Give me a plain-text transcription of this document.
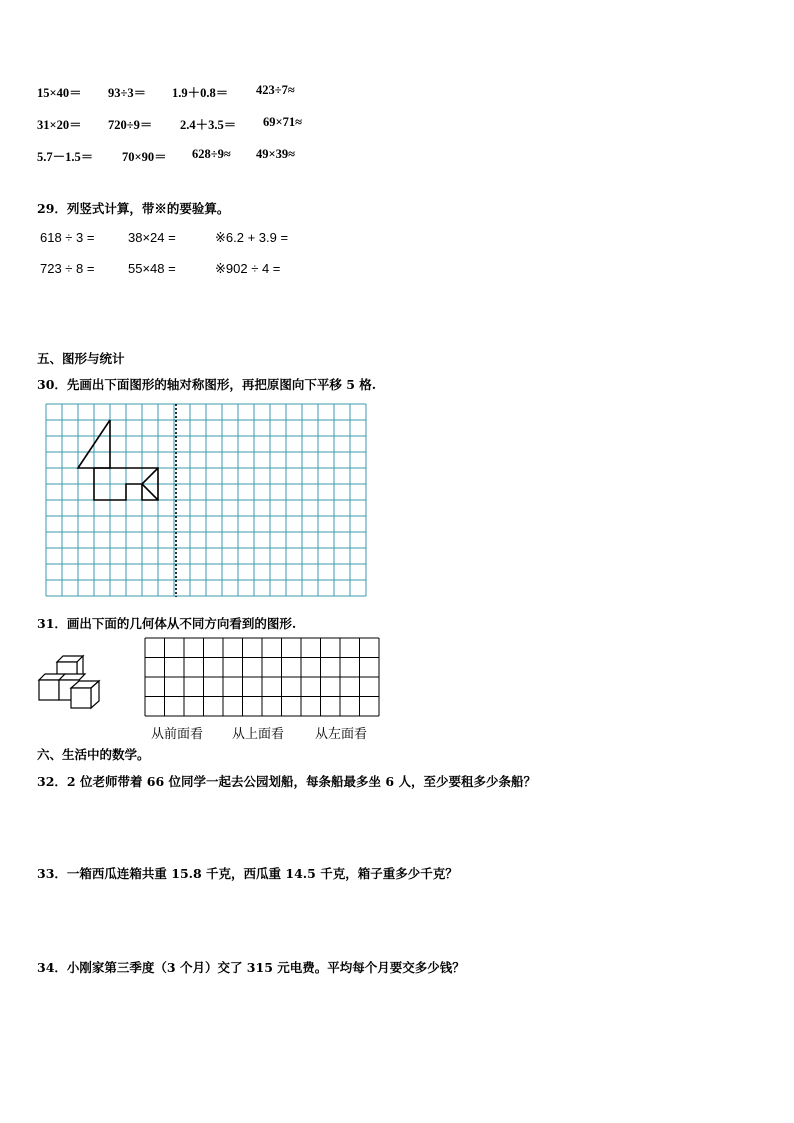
15×40＝ 93÷3＝ 1.9＋0.8＝ 423÷7≈
31×20＝ 720÷9＝ 2.4＋3.5＝ 69×71≈
5.7－1.5＝ 70×90＝ 628÷9≈ 49×39≈
29．列竖式计算，带※的要验算。
618 ÷ 3 =	38×24 =	※6.2 + 3.9 =
723 ÷ 8 =	55×48 =	※902 ÷ 4 =
五、图形与统计
30．先画出下面图形的轴对称图形，再把原图向下平移 5 格.
31．画出下面的几何体从不同方向看到的图形.
从前面看 从上面看 从左面看
六、生活中的数学。
32．2 位老师带着 66 位同学一起去公园划船，每条船最多坐 6 人，至少要租多少条船？
33．一箱西瓜连箱共重 15.8 千克，西瓜重 14.5 千克，箱子重多少千克？
34．小刚家第三季度（3 个月）交了 315 元电费。平均每个月要交多少钱？
